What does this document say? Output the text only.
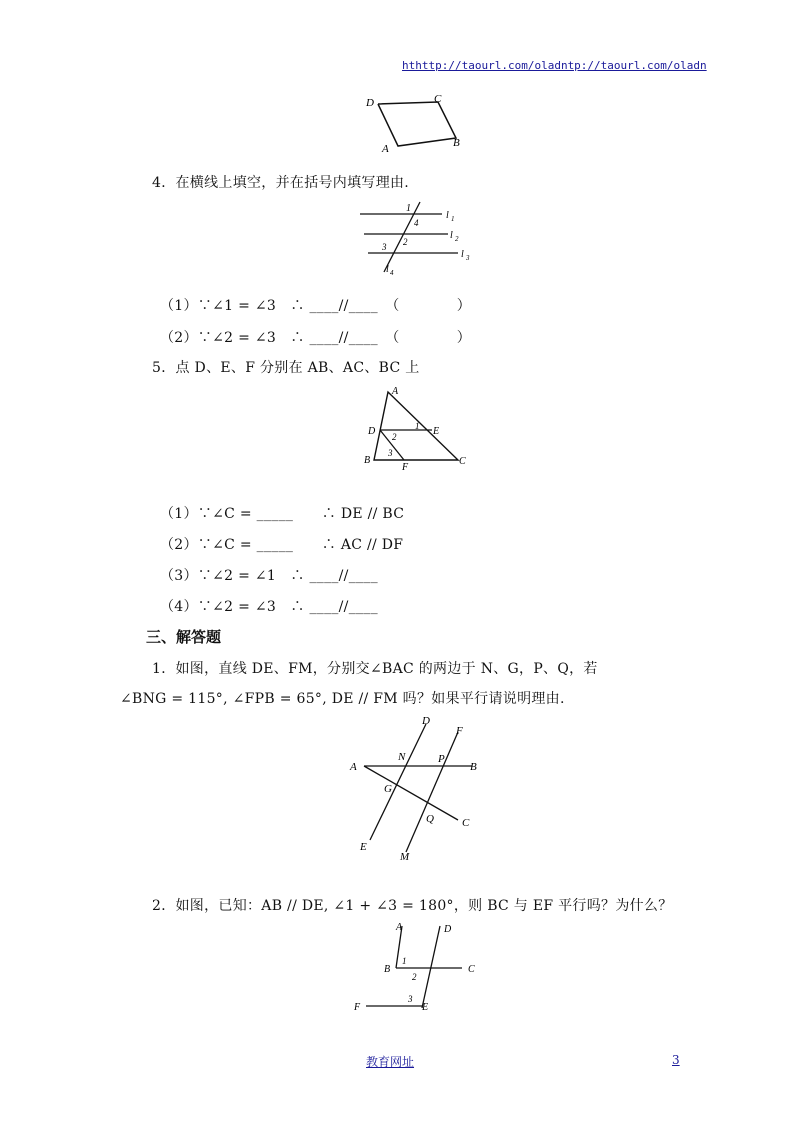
hthttp://taourl.com/oladntp://taourl.com/oladn
D	C
B
A
4．在横线上填空，并在括号内填写理由.
1
4
l 1
2
l 2
3
l 3
l 4
（1）∵∠1 = ∠3　∴ ____//____　（　　　　）
（2）∵∠2 = ∠3　∴ ____//____　（　　　　）
5．点 D、E、F 分别在 AB、AC、BC 上
A
D	1 E
2
3
B
F
C
（1）∵∠C = _____　　∴ DE // BC
（2）∵∠C = _____　　∴ AC // DF
（3）∵∠2 = ∠1　∴ ____//____
（4）∵∠2 = ∠3　∴ ____//____
三、解答题
1．如图，直线 DE、FM，分别交∠BAC 的两边于 N、G，P、Q，若
∠BNG = 115°, ∠FPB = 65°, DE // FM 吗？如果平行请说明理由.
D
F
N	P
A	B
G
Q	C
E
M
2．如图，已知：AB // DE, ∠1 + ∠3 = 180°，则 BC 与 EF 平行吗？为什么？
A	D
B
1
C
2
3
F	E
教育网址	3
